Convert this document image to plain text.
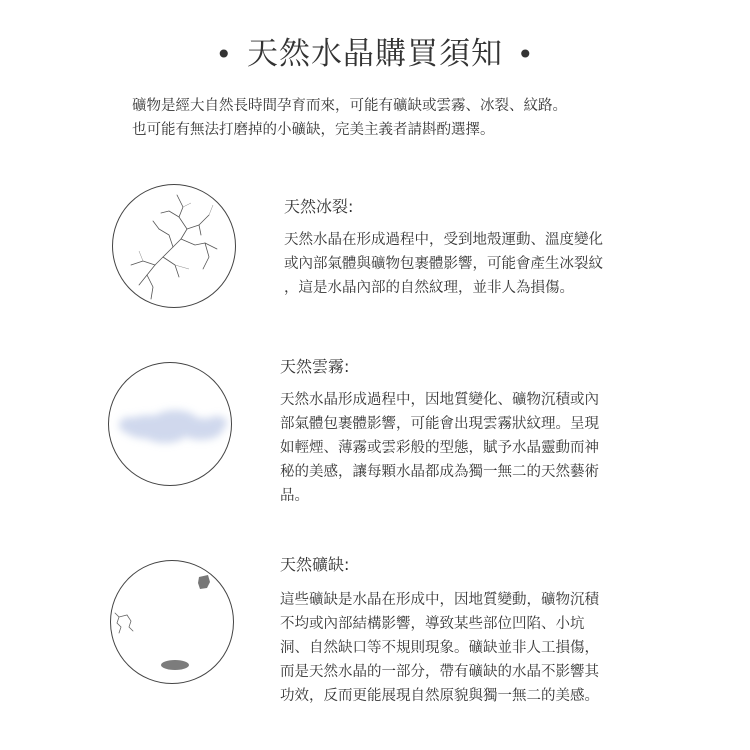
• 天然水晶購買須知 •
礦物是經大自然長時間孕育而來，可能有礦缺或雲霧、冰裂、紋路。
也可能有無法打磨掉的小礦缺，完美主義者請斟酌選擇。
天然冰裂:
天然水晶在形成過程中，受到地殼運動、溫度變化
或內部氣體與礦物包裹體影響，可能會產生冰裂紋
，這是水晶內部的自然紋理，並非人為損傷。
天然雲霧:
天然水晶形成過程中，因地質變化、礦物沉積或內
部氣體包裹體影響，可能會出現雲霧狀紋理。呈現
如輕煙、薄霧或雲彩般的型態，賦予水晶靈動而神
秘的美感，讓每顆水晶都成為獨一無二的天然藝術
品。
天然礦缺:
這些礦缺是水晶在形成中，因地質變動，礦物沉積
不均或內部結構影響，導致某些部位凹陷、小坑
洞、自然缺口等不規則現象。礦缺並非人工損傷，
而是天然水晶的一部分，帶有礦缺的水晶不影響其
功效，反而更能展現自然原貌與獨一無二的美感。
